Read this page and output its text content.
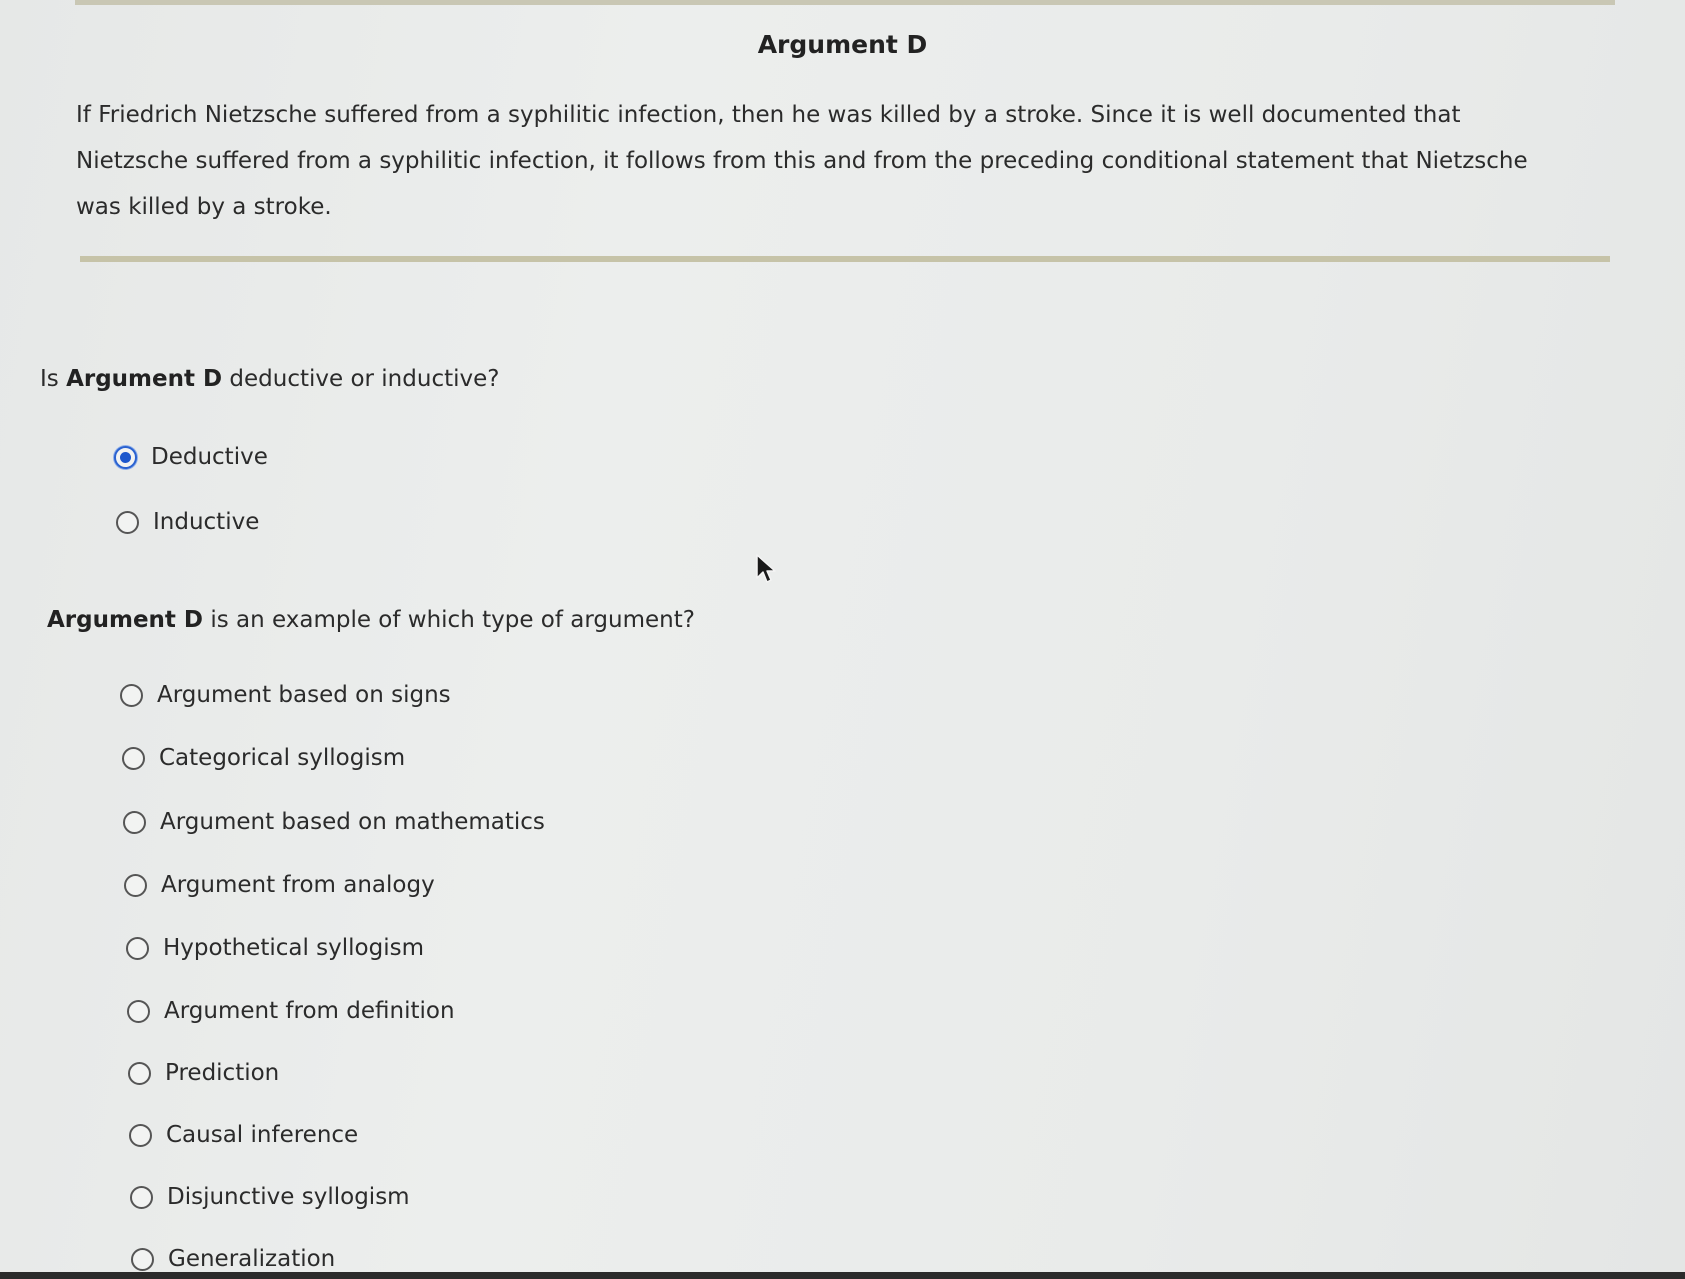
Argument D

If Friedrich Nietzsche suffered from a syphilitic infection, then he was killed by a stroke. Since it is well documented that Nietzsche suffered from a syphilitic infection, it follows from this and from the preceding conditional statement that Nietzsche was killed by a stroke.

Is Argument D deductive or inductive?

Deductive
Inductive

Argument D is an example of which type of argument?

Argument based on signs
Categorical syllogism
Argument based on mathematics
Argument from analogy
Hypothetical syllogism
Argument from definition
Prediction
Causal inference
Disjunctive syllogism
Generalization
